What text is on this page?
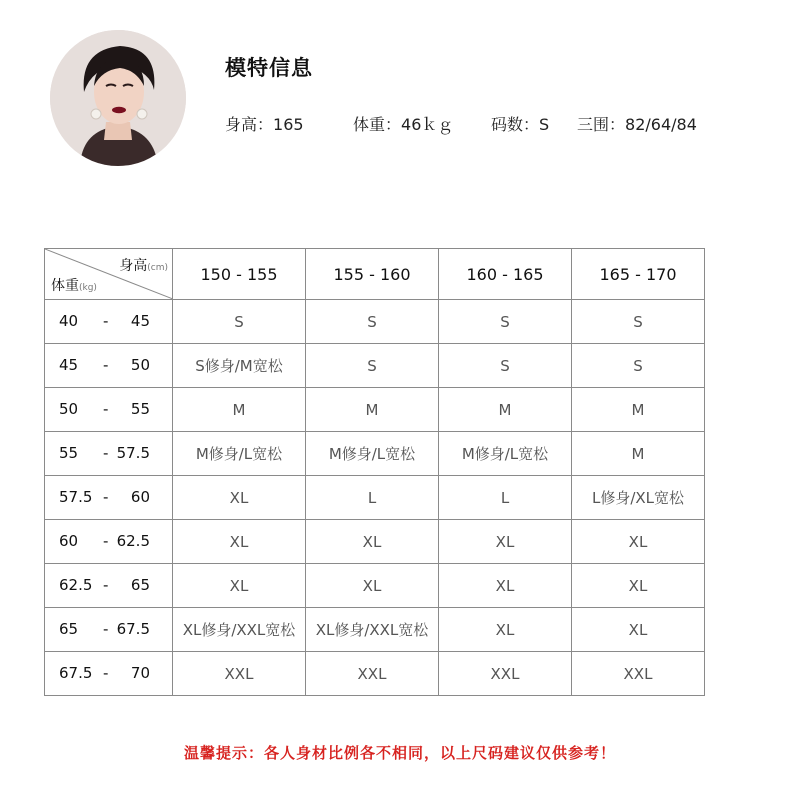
模特信息
身高：165	体重：46ｋｇ 码数：S 三围：82/64/84
身高(cm)
体重(kg)	150 - 155	155 - 160	160 - 165	165 - 170

40 - 45	S	S	S	S

45 - 50	S修身/M宽松	S	S	S

50 - 55	M	M	M	M

55 - 57.5	M修身/L宽松	M修身/L宽松	M修身/L宽松	M

57.5 - 60	XL	L	L	L修身/XL宽松

60 - 62.5	XL	XL	XL	XL

62.5 - 65	XL	XL	XL	XL

65 - 67.5	XL修身/XXL宽松	XL修身/XXL宽松	XL	XL

67.5 - 70	XXL	XXL	XXL	XXL
温馨提示：各人身材比例各不相同，以上尺码建议仅供参考！
